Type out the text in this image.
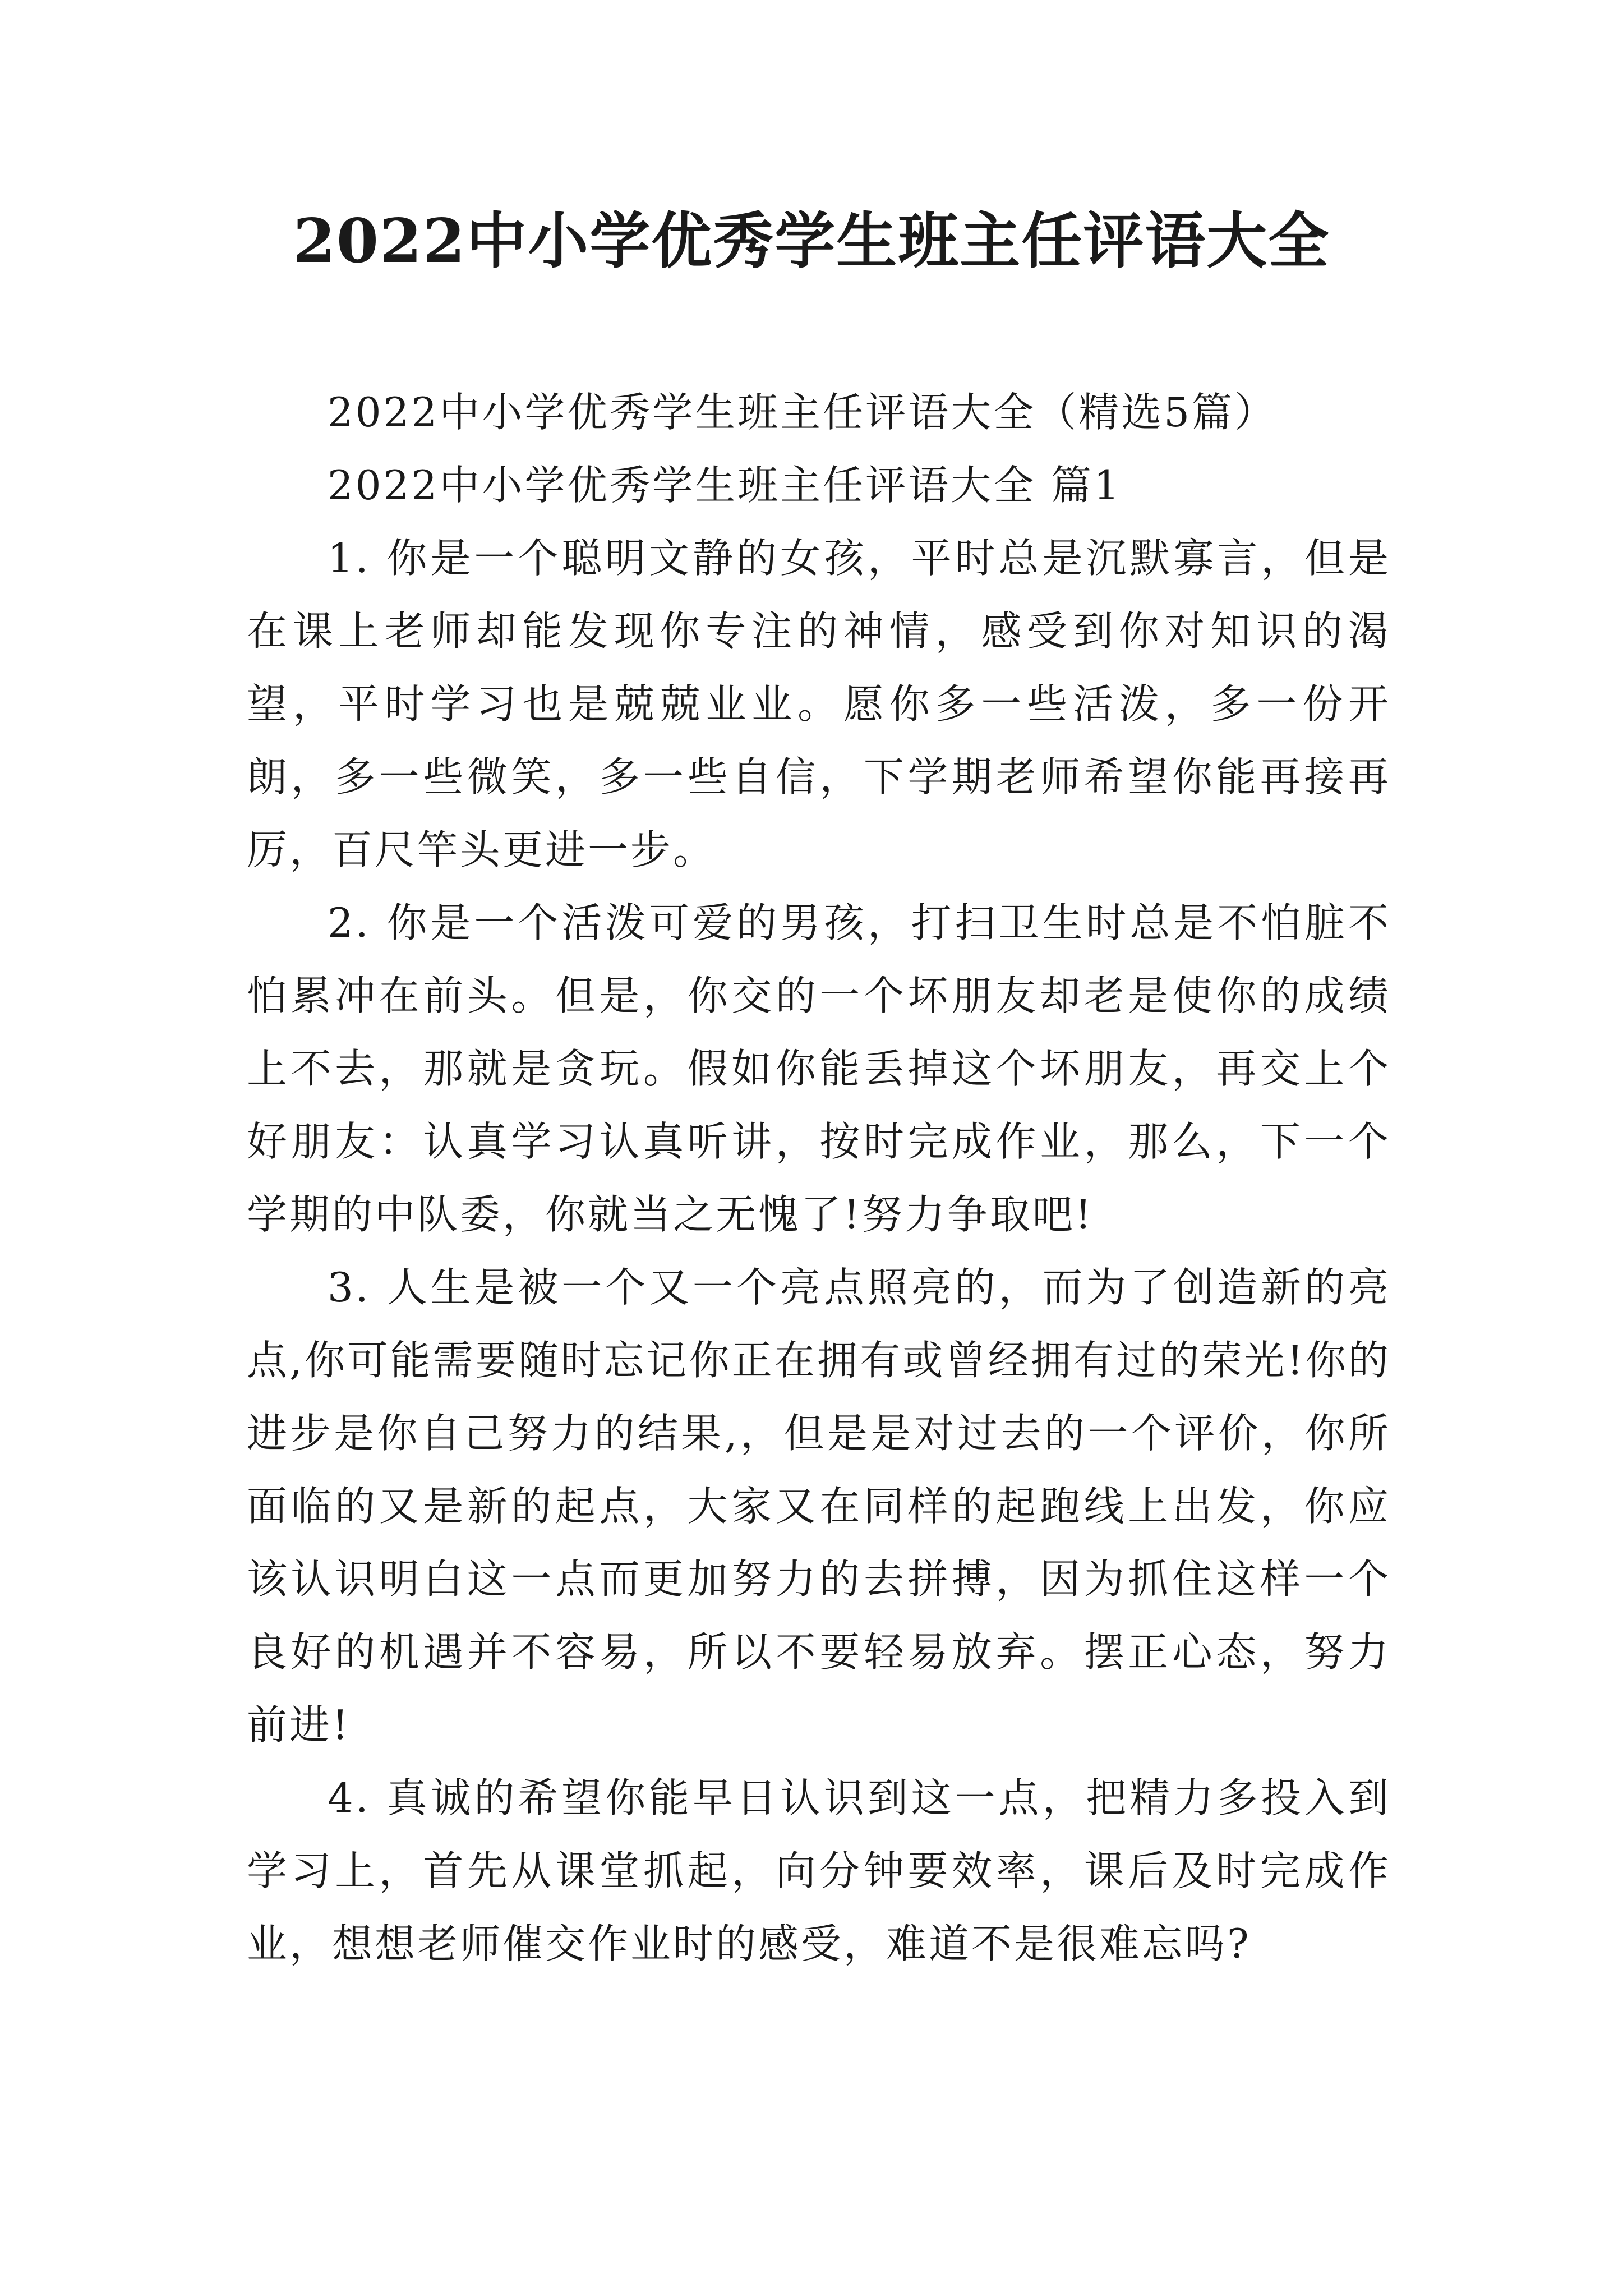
2022中小学优秀学生班主任评语大全

2022中小学优秀学生班主任评语大全（精选5篇）

2022中小学优秀学生班主任评语大全 篇1

1. 你是一个聪明文静的女孩，平时总是沉默寡言，但是在课上老师却能发现你专注的神情，感受到你对知识的渴望，平时学习也是兢兢业业。愿你多一些活泼，多一份开朗，多一些微笑，多一些自信，下学期老师希望你能再接再厉，百尺竿头更进一步。

2. 你是一个活泼可爱的男孩，打扫卫生时总是不怕脏不怕累冲在前头。但是，你交的一个坏朋友却老是使你的成绩上不去，那就是贪玩。假如你能丢掉这个坏朋友，再交上个好朋友：认真学习认真听讲，按时完成作业，那么，下一个学期的中队委，你就当之无愧了!努力争取吧!

3. 人生是被一个又一个亮点照亮的，而为了创造新的亮点,你可能需要随时忘记你正在拥有或曾经拥有过的荣光!你的进步是你自己努力的结果,，但是是对过去的一个评价，你所面临的又是新的起点，大家又在同样的起跑线上出发，你应该认识明白这一点而更加努力的去拼搏，因为抓住这样一个良好的机遇并不容易，所以不要轻易放弃。摆正心态，努力前进!

4. 真诚的希望你能早日认识到这一点，把精力多投入到学习上，首先从课堂抓起，向分钟要效率，课后及时完成作业，想想老师催交作业时的感受，难道不是很难忘吗?
